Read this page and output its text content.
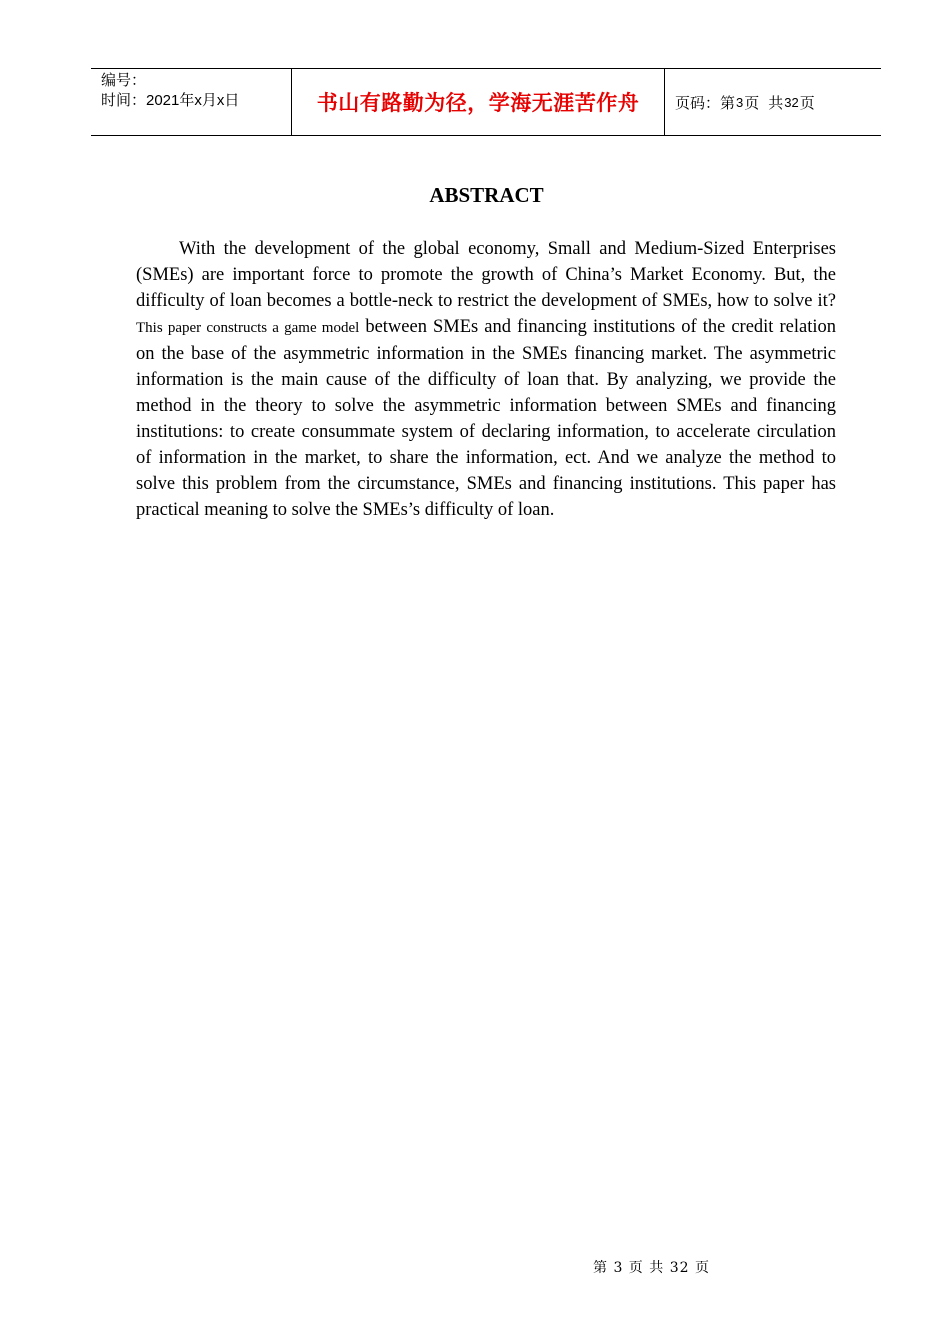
编号：
时间：2021年x月x日	书山有路勤为径，学海无涯苦作舟 页码：第 3 页 共 32 页
ABSTRACT

With the development of the global economy, Small and Medium-Sized Enterprises (SMEs) are important force to promote the growth of China’s Market Economy. But, the difficulty of loan becomes a bottle-neck to restrict the development of SMEs, how to solve it? This paper constructs a game model between SMEs and financing institutions of the credit relation on the base of the asymmetric information in the SMEs financing market. The asymmetric information is the main cause of the difficulty of loan that. By analyzing, we provide the method in the theory to solve the asymmetric information between SMEs and financing institutions: to create consummate system of declaring information, to accelerate circulation of information in the market, to share the information, ect. And we analyze the method to solve this problem from the circumstance, SMEs and financing institutions. This paper has practical meaning to solve the SMEs’s difficulty of loan.

第 3 页 共 32 页
